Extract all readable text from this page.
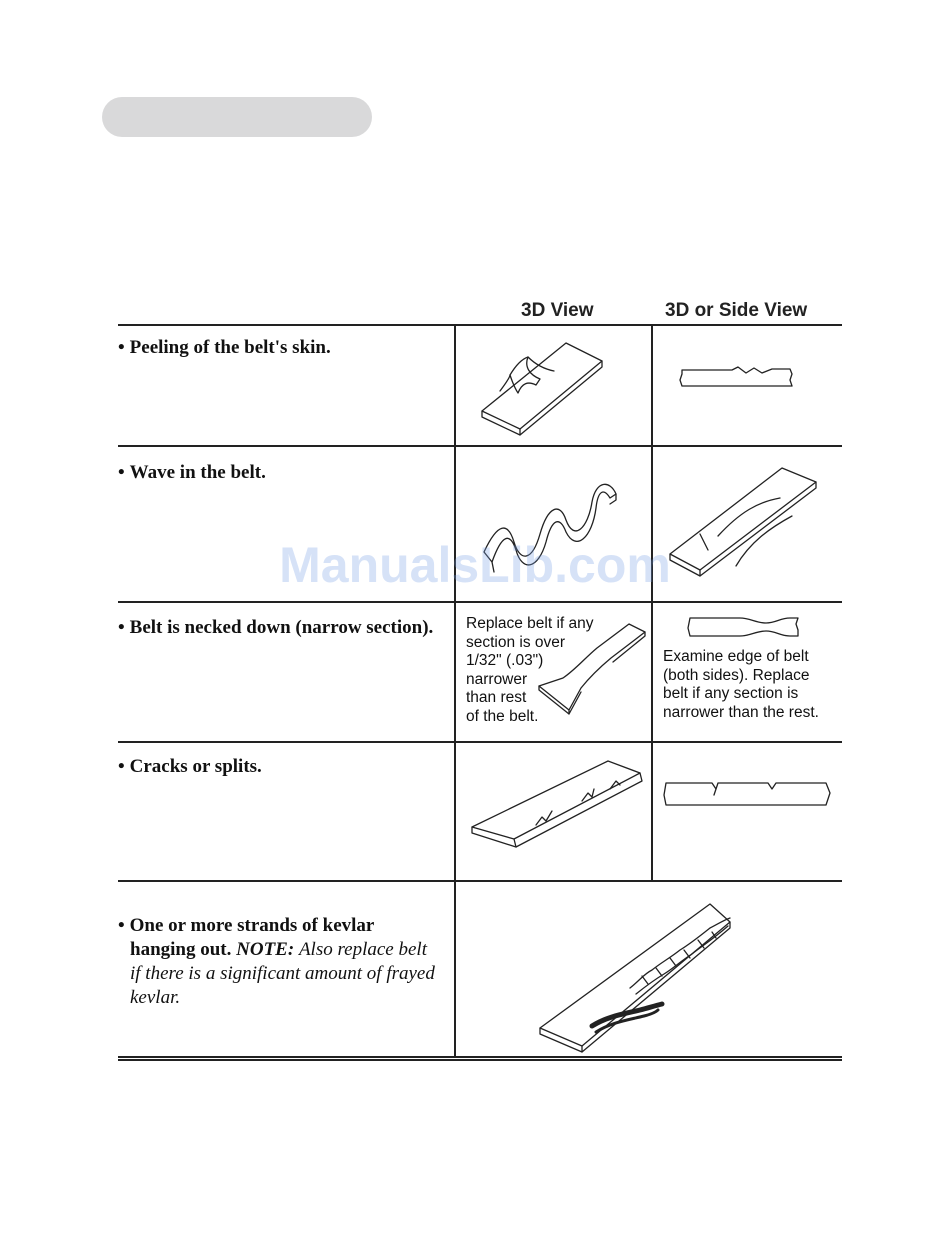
3D View	3D or Side View
• Peeling of the belt's skin.
• Wave in the belt.
• Belt is necked down (narrow section).	Replace belt if any
section is over
1/32" (.03")
narrower
than rest
of the belt.
Examine edge of belt
(both sides). Replace
belt if any section is
narrower than the rest.
• Cracks or splits.
• One or more strands of kevlar
hanging out. NOTE: Also replace belt
if there is a significant amount of frayed
kevlar.
ManualsLib.com
